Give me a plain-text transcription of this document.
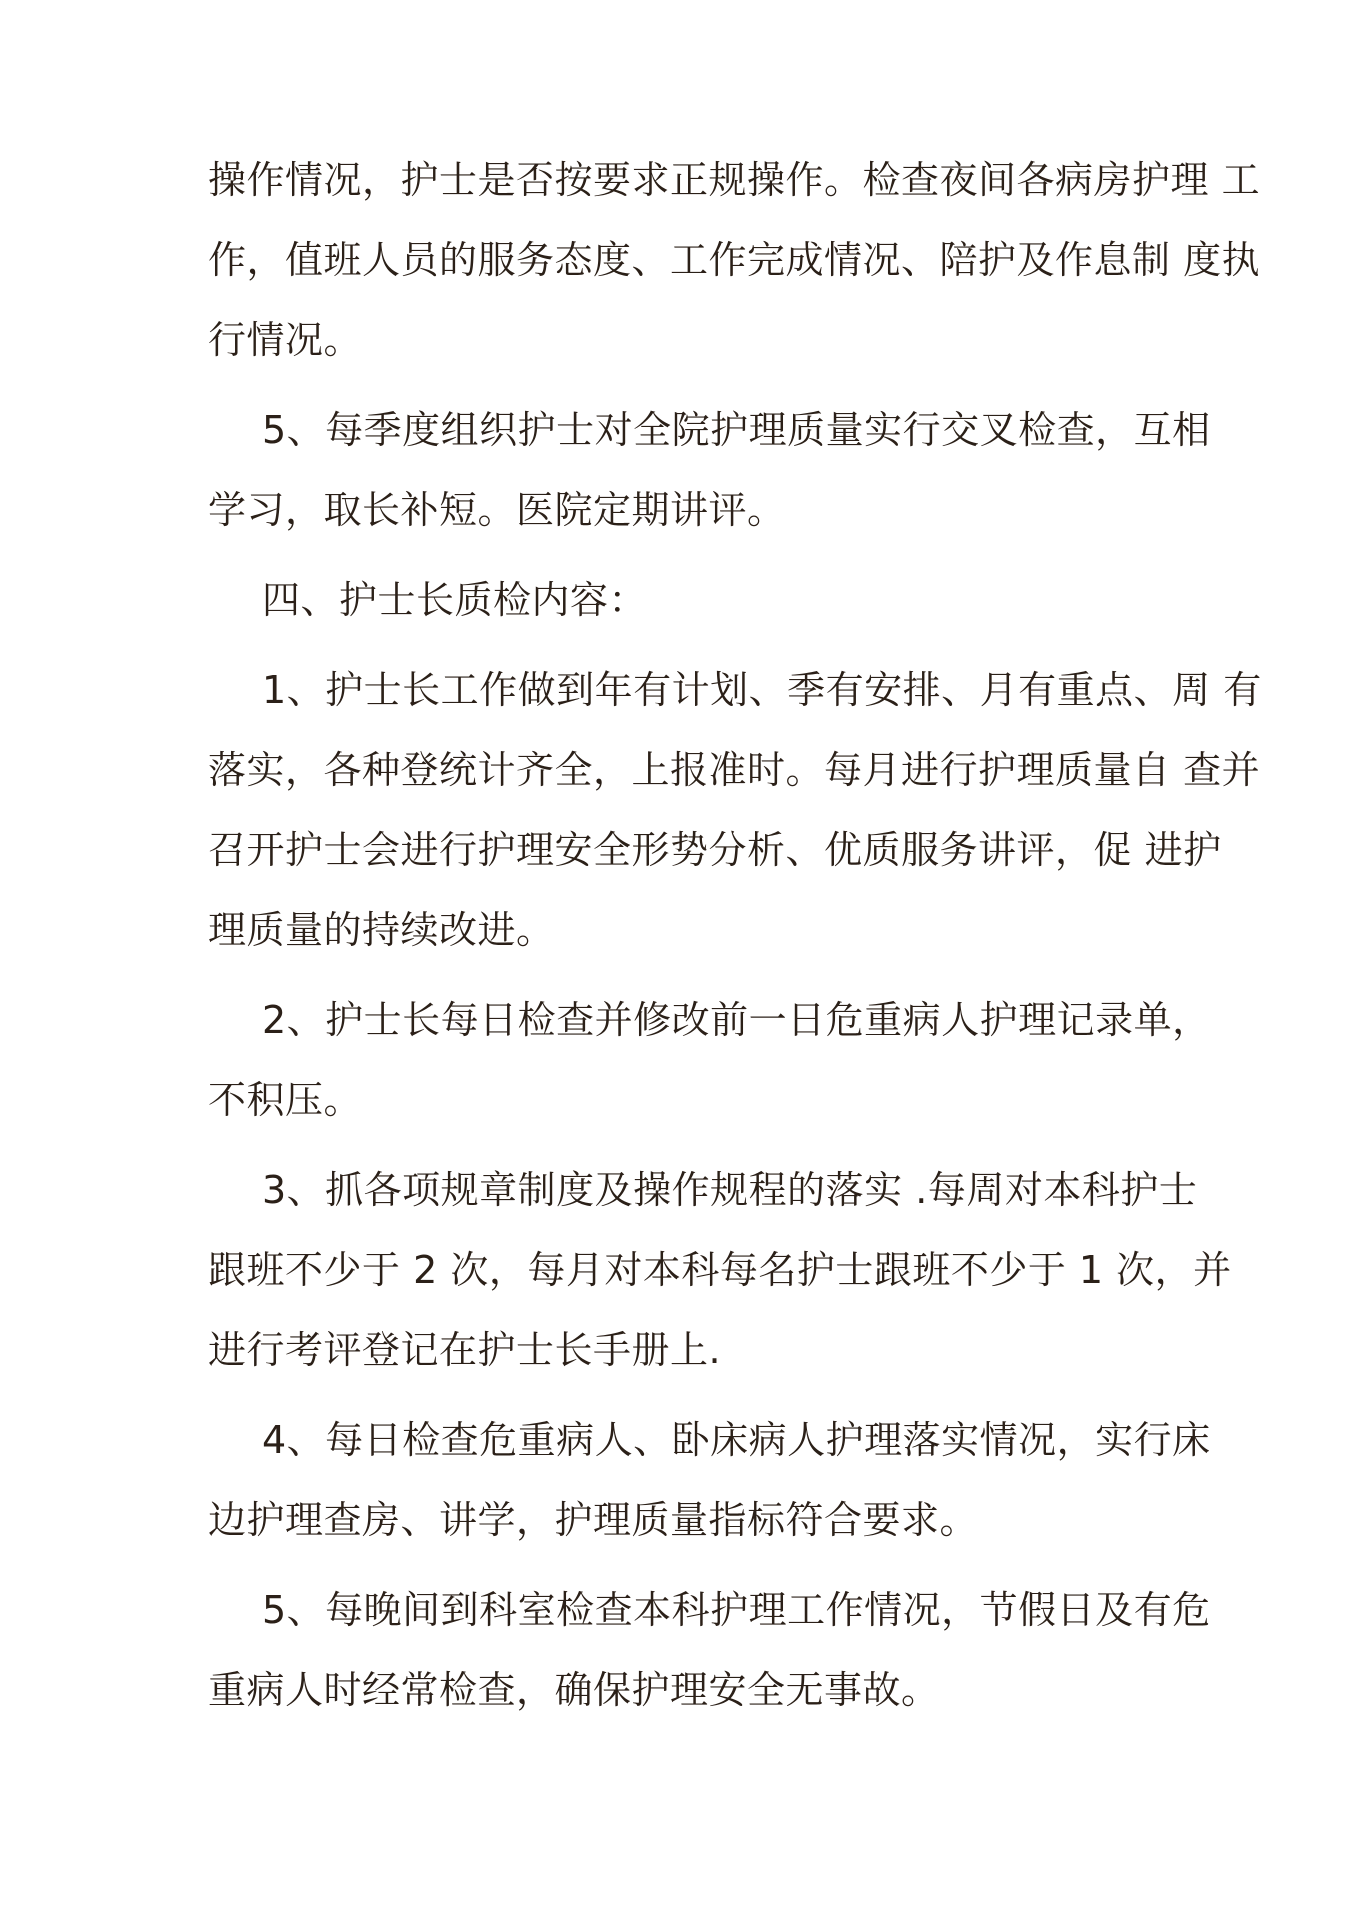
操作情况，护士是否按要求正规操作。检查夜间各病房护理 工
作，值班人员的服务态度、工作完成情况、陪护及作息制 度执
行情况。

5、每季度组织护士对全院护理质量实行交叉检查，互相
学习，取长补短。医院定期讲评。

四、护士长质检内容：

1、护士长工作做到年有计划、季有安排、月有重点、周 有
落实，各种登统计齐全，上报准时。每月进行护理质量自 查并
召开护士会进行护理安全形势分析、优质服务讲评，促 进护
理质量的持续改进。

2、护士长每日检查并修改前一日危重病人护理记录单，
不积压。

3、抓各项规章制度及操作规程的落实 .每周对本科护士
跟班不少于 2 次，每月对本科每名护士跟班不少于 1 次，并
进行考评登记在护士长手册上.

4、每日检查危重病人、卧床病人护理落实情况，实行床
边护理查房、讲学，护理质量指标符合要求。

5、每晚间到科室检查本科护理工作情况，节假日及有危
重病人时经常检查，确保护理安全无事故。
